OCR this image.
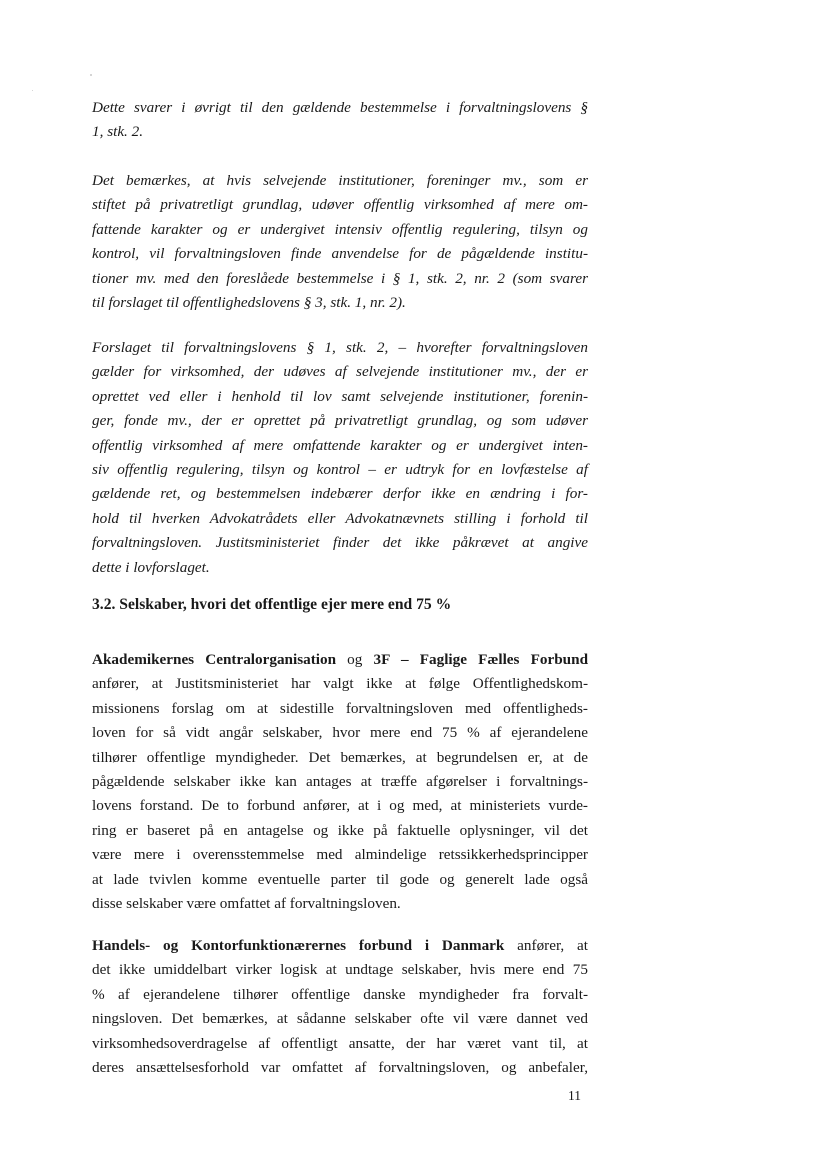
Dette svarer i øvrigt til den gældende bestemmelse i forvaltningslovens §
1, stk. 2.
Det bemærkes, at hvis selvejende institutioner, foreninger mv., som er
stiftet på privatretligt grundlag, udøver offentlig virksomhed af mere om-
fattende karakter og er undergivet intensiv offentlig regulering, tilsyn og
kontrol, vil forvaltningsloven finde anvendelse for de pågældende institu-
tioner mv. med den foreslåede bestemmelse i § 1, stk. 2, nr. 2 (som svarer
til forslaget til offentlighedslovens § 3, stk. 1, nr. 2).
Forslaget til forvaltningslovens § 1, stk. 2, – hvorefter forvaltningsloven
gælder for virksomhed, der udøves af selvejende institutioner mv., der er
oprettet ved eller i henhold til lov samt selvejende institutioner, forenin-
ger, fonde mv., der er oprettet på privatretligt grundlag, og som udøver
offentlig virksomhed af mere omfattende karakter og er undergivet inten-
siv offentlig regulering, tilsyn og kontrol – er udtryk for en lovfæstelse af
gældende ret, og bestemmelsen indebærer derfor ikke en ændring i for-
hold til hverken Advokatrådets eller Advokatnævnets stilling i forhold til
forvaltningsloven. Justitsministeriet finder det ikke påkrævet at angive
dette i lovforslaget.
3.2. Selskaber, hvori det offentlige ejer mere end 75 %
Akademikernes Centralorganisation og 3F – Faglige Fælles Forbund
anfører, at Justitsministeriet har valgt ikke at følge Offentlighedskom-
missionens forslag om at sidestille forvaltningsloven med offentligheds-
loven for så vidt angår selskaber, hvor mere end 75 % af ejerandelene
tilhører offentlige myndigheder. Det bemærkes, at begrundelsen er, at de
pågældende selskaber ikke kan antages at træffe afgørelser i forvaltnings-
lovens forstand. De to forbund anfører, at i og med, at ministeriets vurde-
ring er baseret på en antagelse og ikke på faktuelle oplysninger, vil det
være mere i overensstemmelse med almindelige retssikkerhedsprincipper
at lade tvivlen komme eventuelle parter til gode og generelt lade også
disse selskaber være omfattet af forvaltningsloven.
Handels- og Kontorfunktionærernes forbund i Danmark anfører, at
det ikke umiddelbart virker logisk at undtage selskaber, hvis mere end 75
% af ejerandelene tilhører offentlige danske myndigheder fra forvalt-
ningsloven. Det bemærkes, at sådanne selskaber ofte vil være dannet ved
virksomhedsoverdragelse af offentligt ansatte, der har været vant til, at
deres ansættelsesforhold var omfattet af forvaltningsloven, og anbefaler,
11
